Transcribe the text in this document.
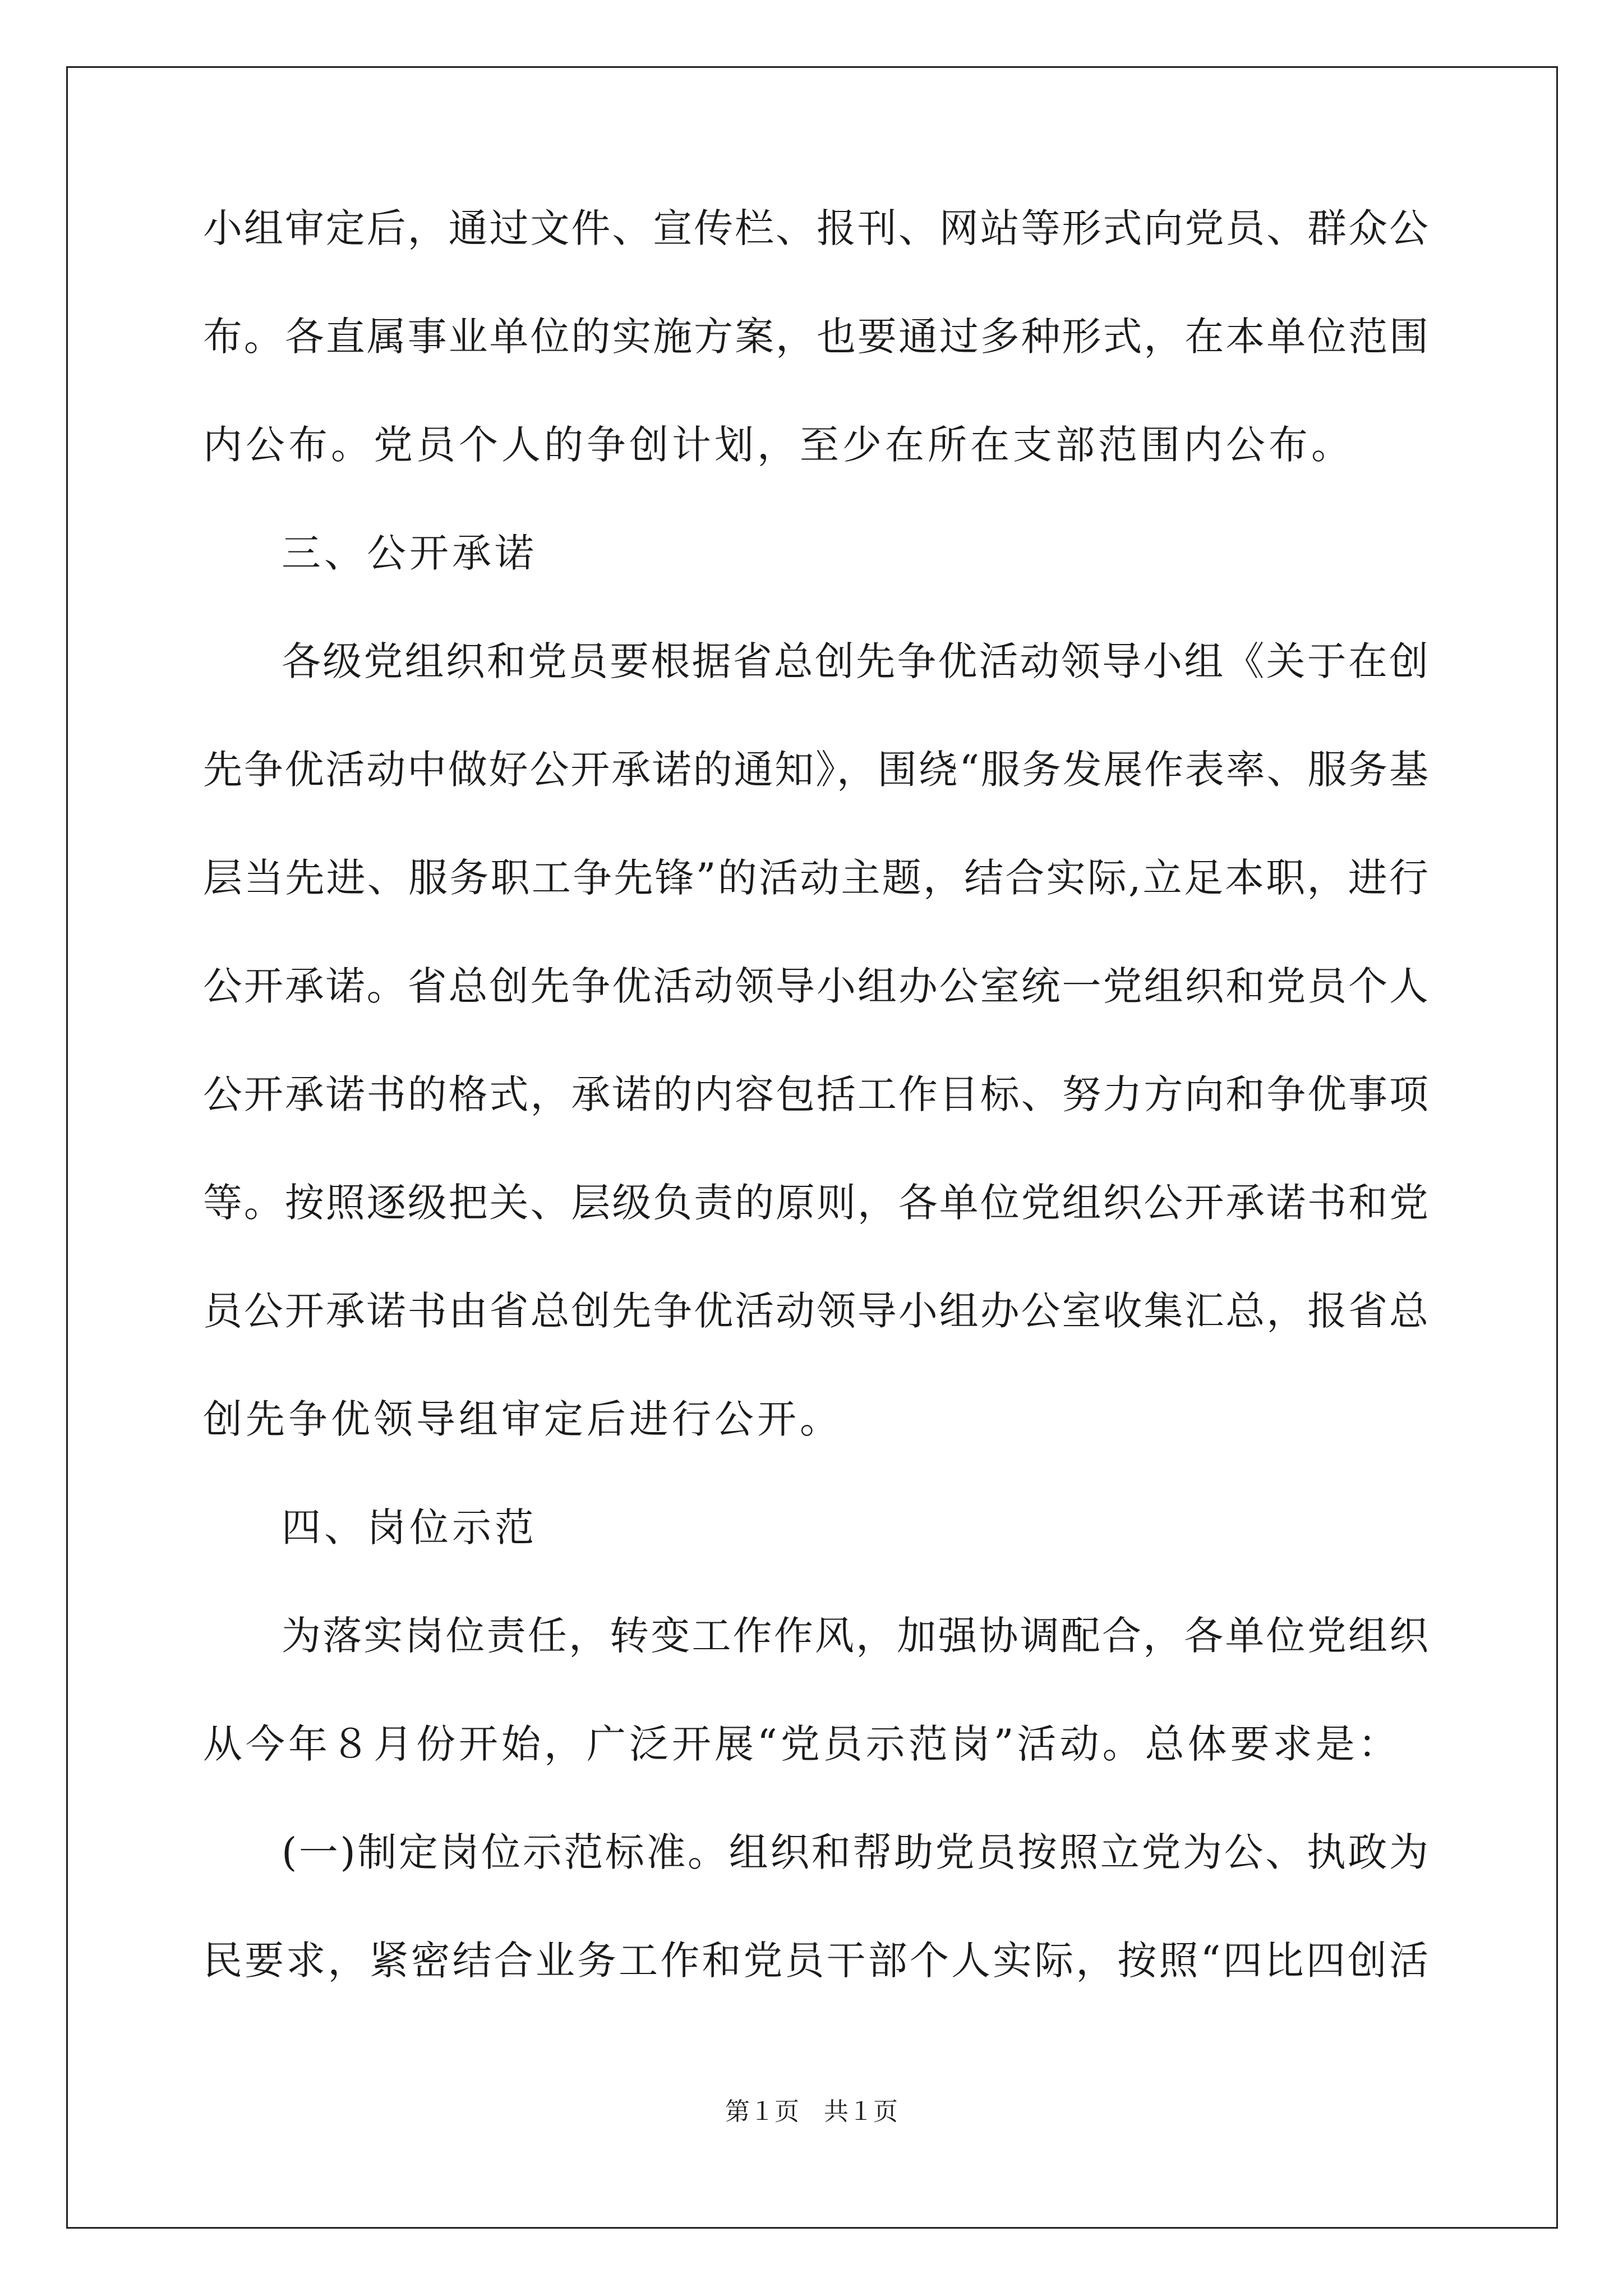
小组审定后，通过文件、宣传栏、报刊、网站等形式向党员、群众公
布。各直属事业单位的实施方案，也要通过多种形式，在本单位范围
内公布。党员个人的争创计划，至少在所在支部范围内公布。
三、公开承诺
各级党组织和党员要根据省总创先争优活动领导小组《关于在创
先争优活动中做好公开承诺的通知》，围绕“服务发展作表率、服务基
层当先进、服务职工争先锋”的活动主题，结合实际,立足本职，进行
公开承诺。省总创先争优活动领导小组办公室统一党组织和党员个人
公开承诺书的格式，承诺的内容包括工作目标、努力方向和争优事项
等。按照逐级把关、层级负责的原则，各单位党组织公开承诺书和党
员公开承诺书由省总创先争优活动领导小组办公室收集汇总，报省总
创先争优领导组审定后进行公开。
四、岗位示范
为落实岗位责任，转变工作作风，加强协调配合，各单位党组织
从今年８月份开始，广泛开展“党员示范岗”活动。总体要求是：
(一)制定岗位示范标准。组织和帮助党员按照立党为公、执政为
民要求，紧密结合业务工作和党员干部个人实际，按照“四比四创活
第１页　共１页
